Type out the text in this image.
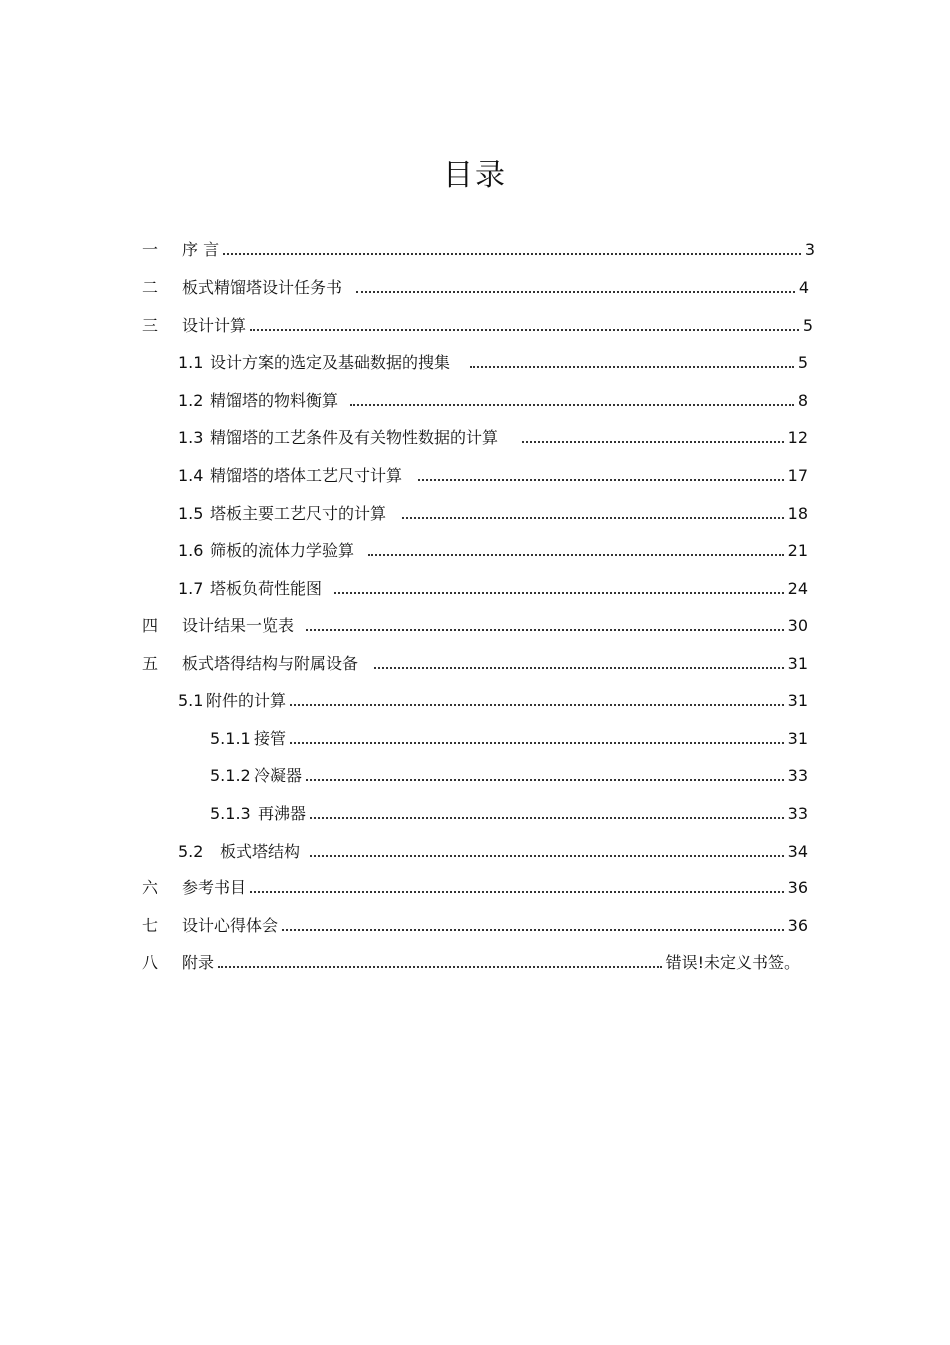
目录
一	序 言	3
二	板式精馏塔设计任务书	4
三	设计计算	5
1.1 设计方案的选定及基础数据的搜集	5
1.2 精馏塔的物料衡算	8
1.3 精馏塔的工艺条件及有关物性数据的计算	12
1.4 精馏塔的塔体工艺尺寸计算	17
1.5 塔板主要工艺尺寸的计算	18
1.6 筛板的流体力学验算	21
1.7 塔板负荷性能图	24
四	设计结果一览表	30
五	板式塔得结构与附属设备	31
5.1 附件的计算	31
5.1.1 接管	31
5.1.2 冷凝器	33
5.1.3 再沸器	33
5.2	板式塔结构	34
六	参考书目	36
七	设计心得体会	36
八	附录	错误!未定义书签。
